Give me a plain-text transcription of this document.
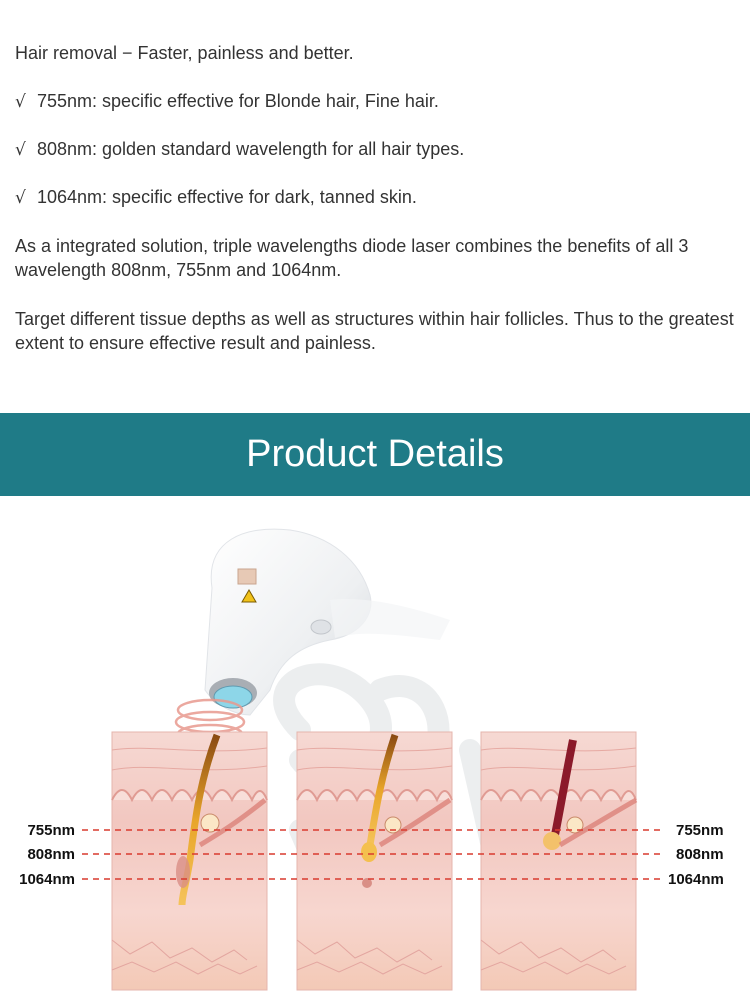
Hair removal − Faster, painless and better.
√ 755nm: specific effective for Blonde hair, Fine hair.
√ 808nm: golden standard wavelength for all hair types.
√ 1064nm: specific effective for dark, tanned skin.
As a integrated solution, triple wavelengths diode laser combines the benefits of all 3 wavelength 808nm, 755nm and 1064nm.
Target different tissue depths as well as structures within hair follicles. Thus to the greatest extent to ensure effective result and painless.
Product Details
755nm
808nm
1064nm
755nm
808nm
1064nm
